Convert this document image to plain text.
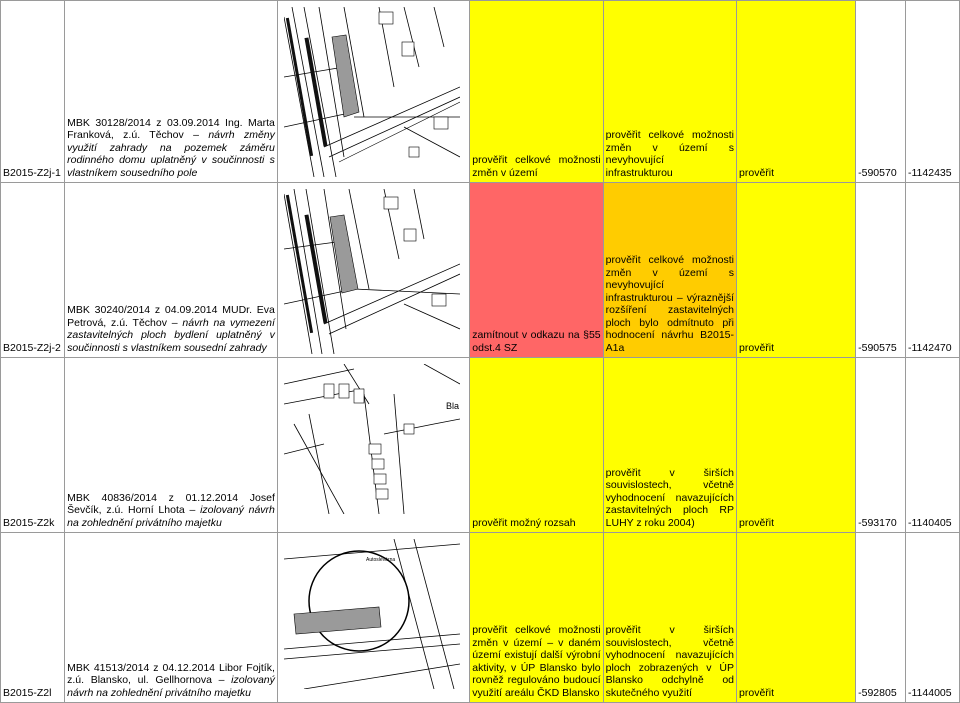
B2015-Z2j-1	MBK 30128/2014 z 03.09.2014 Ing. Marta Franková, z.ú. Těchov – návrh změny využití zahrady na pozemek záměru rodinného domu uplatněný v součinnosti s vlastníkem sousedního pole		prověřit celkové možnosti změn v území	prověřit celkové možnosti změn v území s nevyhovující infrastrukturou	prověřit	-590570	-1142435
B2015-Z2j-2	MBK 30240/2014 z 04.09.2014 MUDr. Eva Petrová, z.ú. Těchov – návrh na vymezení zastavitelných ploch bydlení uplatněný v součinnosti s vlastníkem sousední zahrady		zamítnout v odkazu na §55 odst.4 SZ	prověřit celkové možnosti změn v území s nevyhovující infrastrukturou – výraznější rozšíření zastavitelných ploch bylo odmítnuto při hodnocení návrhu B2015-A1a	prověřit	-590575	-1142470
B2015-Z2k	MBK 40836/2014 z 01.12.2014 Josef Ševčík, z.ú. Horní Lhota – izolovaný návrh na zohlednění privátního majetku	Bla	prověřit možný rozsah	prověřit v širších souvislostech, včetně vyhodnocení navazujících zastavitelných ploch RP LUHY z roku 2004)	prověřit	-593170	-1140405
B2015-Z2l	MBK 41513/2014 z 04.12.2014 Libor Fojtík, z.ú. Blansko, ul. Gellhornova – izolovaný návrh na zohlednění privátního majetku	Autoslévárna	prověřit celkové možnosti změn v území – v daném území existují další výrobní aktivity, v ÚP Blansko bylo rovněž regulováno budoucí využití areálu ČKD Blansko	prověřit v širších souvislostech, včetně vyhodnocení navazujících ploch zobrazených v ÚP Blansko odchylně od skutečného využití	prověřit	-592805	-1144005
